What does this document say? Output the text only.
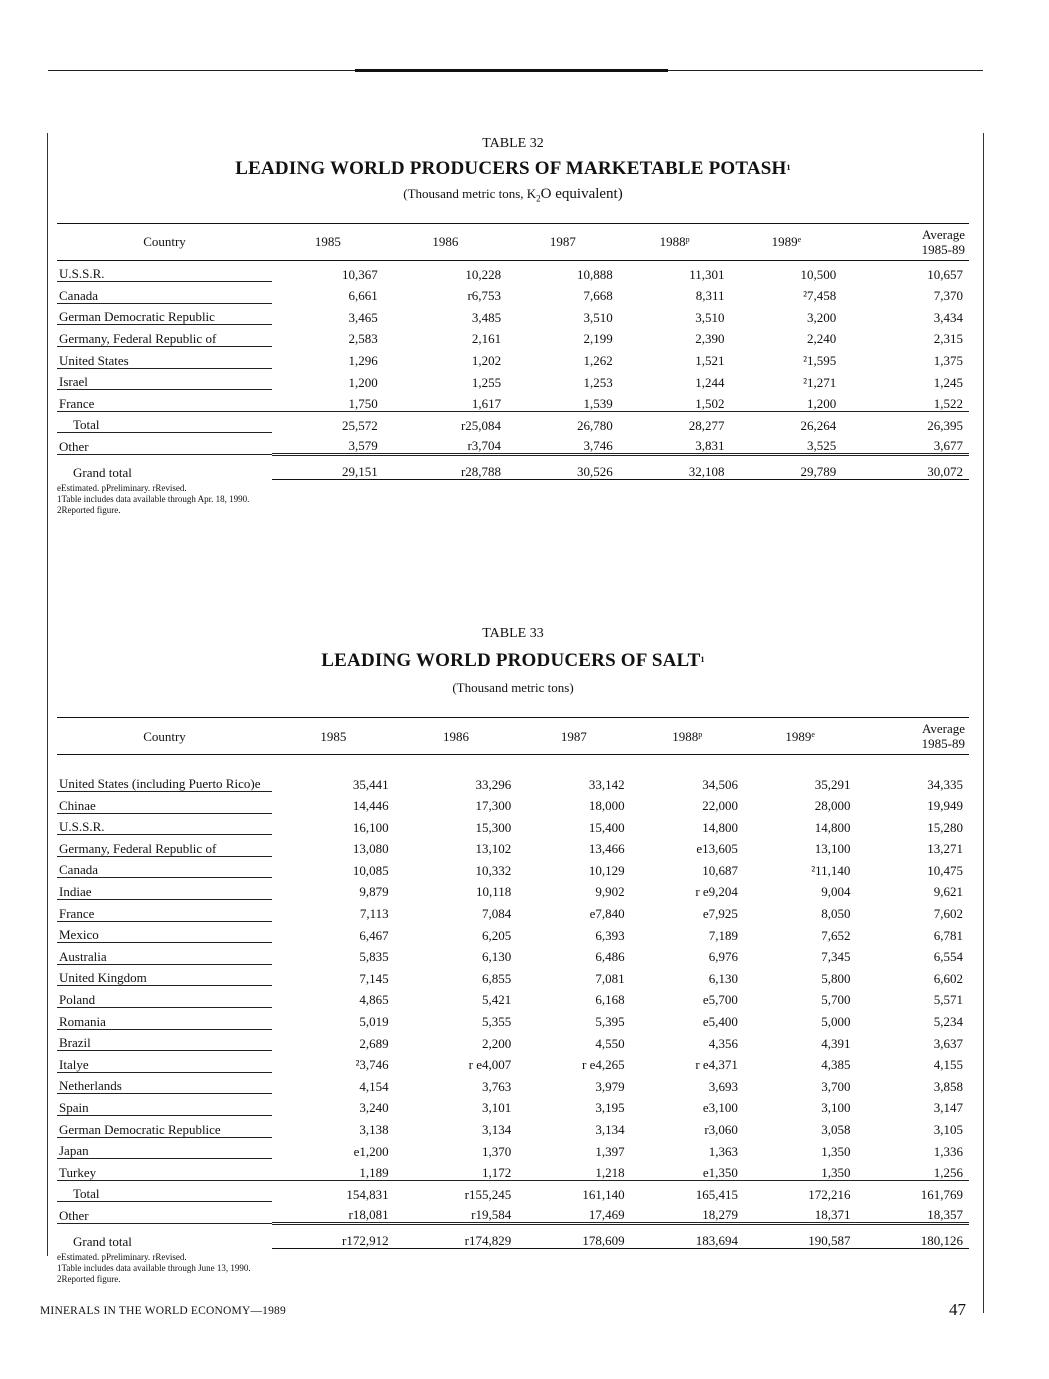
TABLE 32
LEADING WORLD PRODUCERS OF MARKETABLE POTASH$^1$
(Thousand metric tons, $K_2O$ equivalent)
Country	1985	1986	1987	1988$^p$	1989e	Average
1985-89

U.S.S.R.	10,367	10,228	10,888	11,301	10,500	10,657
Canada	6,661	r6,753	7,668	8,311	²7,458	7,370
German Democratic Republic	3,465	3,485	3,510	3,510	3,200	3,434
Germany, Federal Republic of	2,583	2,161	2,199	2,390	2,240	2,315
United States	1,296	1,202	1,262	1,521	²1,595	1,375
Israel	1,200	1,255	1,253	1,244	²1,271	1,245
France	1,750	1,617	1,539	1,502	1,200	1,522
Total	25,572	r25,084	26,780	28,277	26,264	26,395
Other	3,579	r3,704	3,746	3,831	3,525	3,677
Grand total	29,151	r28,788	30,526	32,108	29,789	30,072
eEstimated. pPreliminary. rRevised.
1Table includes data available through Apr. 18, 1990.
2Reported figure.
TABLE 33
LEADING WORLD PRODUCERS OF SALT$^1$
(Thousand metric tons)
Country	1985	1986	1987	1988$^p$	1989e	Average
1985-89

United States (including Puerto Rico)e	35,441	33,296	33,142	34,506	35,291	34,335
Chinae	14,446	17,300	18,000	22,000	28,000	19,949
U.S.S.R.	16,100	15,300	15,400	14,800	14,800	15,280
Germany, Federal Republic of	13,080	13,102	13,466	e13,605	13,100	13,271
Canada	10,085	10,332	10,129	10,687	²11,140	10,475
Indiae	9,879	10,118	9,902	r e9,204	9,004	9,621
France	7,113	7,084	e7,840	e7,925	8,050	7,602
Mexico	6,467	6,205	6,393	7,189	7,652	6,781
Australia	5,835	6,130	6,486	6,976	7,345	6,554
United Kingdom	7,145	6,855	7,081	6,130	5,800	6,602
Poland	4,865	5,421	6,168	e5,700	5,700	5,571
Romania	5,019	5,355	5,395	e5,400	5,000	5,234
Brazil	2,689	2,200	4,550	4,356	4,391	3,637
Italye	²3,746	r e4,007	r e4,265	r e4,371	4,385	4,155
Netherlands	4,154	3,763	3,979	3,693	3,700	3,858
Spain	3,240	3,101	3,195	e3,100	3,100	3,147
German Democratic Republice	3,138	3,134	3,134	r3,060	3,058	3,105
Japan	e1,200	1,370	1,397	1,363	1,350	1,336
Turkey	1,189	1,172	1,218	e1,350	1,350	1,256
Total	154,831	r155,245	161,140	165,415	172,216	161,769
Other	r18,081	r19,584	17,469	18,279	18,371	18,357
Grand total	r172,912	r174,829	178,609	183,694	190,587	180,126
eEstimated. pPreliminary. rRevised.
1Table includes data available through June 13, 1990.
2Reported figure.
MINERALS IN THE WORLD ECONOMY—1989	47
